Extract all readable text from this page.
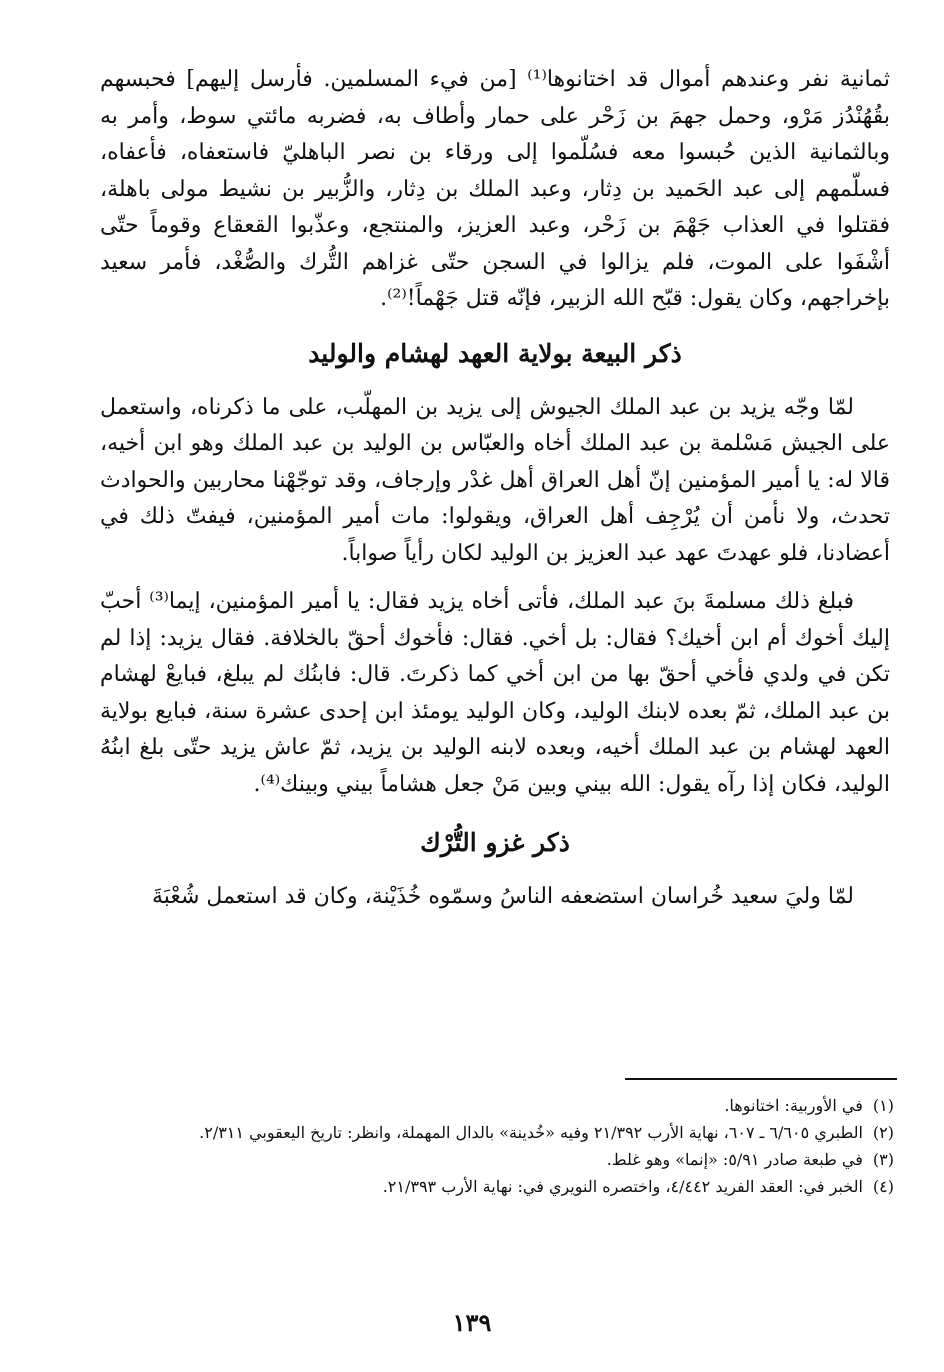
ثمانية نفر وعندهم أموال قد اختانوها⁽¹⁾ [من فيء المسلمين. فأرسل إليهم] فحبسهم بقُهُنْدُز مَرْو، وحمل جهمَ بن زَحْر على حمار وأطاف به، فضربه مائتي سوط، وأمر به وبالثمانية الذين حُبسوا معه فسُلّموا إلى ورقاء بن نصر الباهليّ فاستعفاه، فأعفاه، فسلّمهم إلى عبد الحَميد بن دِثار، وعبد الملك بن دِثار، والزُّبير بن نشيط مولى باهلة، فقتلوا في العذاب جَهْمَ بن زَحْر، وعبد العزيز، والمنتجع، وعذّبوا القعقاع وقوماً حتّى أشْفَوا على الموت، فلم يزالوا في السجن حتّى غزاهم التُّرك والصُّغْد، فأمر سعيد بإخراجهم، وكان يقول: قبّح الله الزبير، فإنّه قتل جَهْماً!⁽²⁾.

ذكر البيعة بولاية العهد لهشام والوليد

لمّا وجّه يزيد بن عبد الملك الجيوش إلى يزيد بن المهلّب، على ما ذكرناه، واستعمل على الجيش مَسْلمة بن عبد الملك أخاه والعبّاس بن الوليد بن عبد الملك وهو ابن أخيه، قالا له: يا أمير المؤمنين إنّ أهل العراق أهل غدْر وإرجاف، وقد توجّهْنا محاربين والحوادث تحدث، ولا نأمن أن يُرْجِف أهل العراق، ويقولوا: مات أمير المؤمنين، فيفتّ ذلك في أعضادنا، فلو عهدتَ عهد عبد العزيز بن الوليد لكان رأياً صواباً.

فبلغ ذلك مسلمةَ بنَ عبد الملك، فأتى أخاه يزيد فقال: يا أمير المؤمنين، إيما⁽³⁾ أحبّ إليك أخوك أم ابن أخيك؟ فقال: بل أخي. فقال: فأخوك أحقّ بالخلافة. فقال يزيد: إذا لم تكن في ولدي فأخي أحقّ بها من ابن أخي كما ذكرتَ. قال: فابنُك لم يبلغ، فبايعْ لهشام بن عبد الملك، ثمّ بعده لابنك الوليد، وكان الوليد يومئذ ابن إحدى عشرة سنة، فبايع بولاية العهد لهشام بن عبد الملك أخيه، وبعده لابنه الوليد بن يزيد، ثمّ عاش يزيد حتّى بلغ ابنُهُ الوليد، فكان إذا رآه يقول: الله بيني وبين مَنْ جعل هشاماً بيني وبينك⁽⁴⁾.

ذكر غزو التُّرْك

لمّا وليَ سعيد خُراسان استضعفه الناسُ وسمّوه خُذَيْنة، وكان قد استعمل شُعْبَةَ

(١) في الأوربية: اختانوها.

(٢) الطبري ٦/٦٠٥ ـ ٦٠٧، نهاية الأرب ٢١/٣٩٢ وفيه «خُدينة» بالدال المهملة، وانظر: تاريخ اليعقوبي ٢/٣١١.

(٣) في طبعة صادر ٥/٩١: «إنما» وهو غلط.

(٤) الخبر في: العقد الفريد ٤/٤٤٢، واختصره النويري في: نهاية الأرب ٢١/٣٩٣.

١٣٩
